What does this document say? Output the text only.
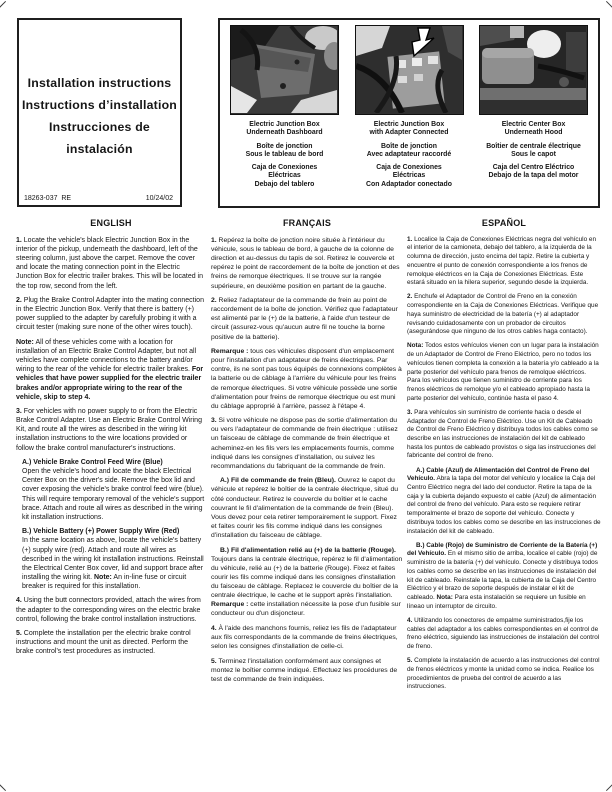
Installation instructions
Instructions d’installation
Instrucciones de instalación
18263-037  RE	10/24/02
Electric Junction Box
Underneath Dashboard
Boîte de jonction
Sous le tableau de bord
Caja de Conexiones
Eléctricas
Debajo del tablero
Electric Junction Box
with Adapter Connected
Boîte de jonction
Avec adaptateur raccordé
Caja de Conexiones
Eléctricas
Con Adaptador conectado
Electric Center Box
Underneath Hood
Boîtier de centrale électrique
Sous le capot
Caja del Centro Eléctrico
Debajo de la tapa del motor
ENGLISH

1. Locate the vehicle's black Electric Junction Box in the interior of the pickup, underneath the dashboard, left of the steering column, just above the carpet. Remove the cover and locate the mating connection point in the Electric Junction Box for electric trailer brakes. This will be located in the top row, second from the left.

2. Plug the Brake Control Adapter into the mating connection in the Electric Junction Box. Verify that there is battery (+) power supplied to the adapter by carefully probing it with a circuit tester (making sure none of the other wires touch).

Note: All of these vehicles come with a location for installation of an Electric Brake Control Adapter, but not all vehicles have complete connections to the battery and/or wiring to the rear of the vehicle for electric trailer brakes. For vehicles that have power supplied for the electric trailer brakes and/or appropriate wiring to the rear of the vehicle, skip to step 4.

3. For vehicles with no power supply to or from the Electric Brake Control Adapter. Use an Electric Brake Control Wiring Kit, and route all the wires as described in the wiring kit installation instructions to the wire locations provided or follow the brake control manufacturer's instructions.

A.) Vehicle Brake Control Feed Wire (Blue)
Open the vehicle's hood and locate the black Electrical Center Box on the driver's side. Remove the box lid and cover exposing the vehicle's brake control feed wire (blue). This will require temporary removal of the vehicle's support brace. Attach and route all wires as described in the wiring kit installation instructions.

B.) Vehicle Battery (+) Power Supply Wire (Red)
In the same location as above, locate the vehicle's battery (+) supply wire (red). Attach and route all wires as described in the wiring kit installation instructions. Reinstall the Electrical Center Box cover, lid and support brace after installing the wiring kit. Note: An in-line fuse or circuit breaker is required for this installation.

4. Using the butt connectors provided, attach the wires from the adapter to the corresponding wires on the electric brake control, following the brake control installation instructions.

5. Complete the installation per the electric brake control instructions and mount the unit as directed. Perform the brake control's test procedures as instructed.

FRANÇAIS

1. Repérez la boîte de jonction noire située à l'intérieur du véhicule, sous le tableau de bord, à gauche de la colonne de direction et au-dessus du tapis de sol. Retirez le couvercle et repérez le point de raccordement de la boîte de jonction et des freins de remorque électriques. Il se trouve sur la rangée supérieure, en deuxième position en partant de la gauche.

2. Reliez l'adaptateur de la commande de frein au point de raccordement de la boîte de jonction. Vérifiez que l'adaptateur est alimenté par le (+) de la batterie, à l'aide d'un testeur de circuit (assurez-vous qu'aucun autre fil ne touche la borne positive de la batterie).

Remarque : tous ces véhicules disposent d'un emplacement pour l'installation d'un adaptateur de freins électriques. Par contre, ils ne sont pas tous équipés de connexions complètes à la batterie ou de câblage à l'arrière du véhicule pour les freins de remorque électriques. Si votre véhicule possède une sortie d'alimentation pour freins de remorque électrique ou est muni du câblage approprié à l'arrière, passez à l'étape 4.

3. Si votre véhicule ne dispose pas de sortie d'alimentation du ou vers l'adaptateur de commande de frein électrique : utilisez un faisceau de câblage de commande de frein électrique et acheminez-en les fils vers les emplacements fournis, comme indiqué dans les consignes d'installation, ou suivez les recommandations du fabriquant de la commande de frein.

A.) Fil de commande de frein (Bleu). Ouvrez le capot du véhicule et repérez le boîtier de la centrale électrique, situé du côté conducteur. Retirez le couvercle du boîtier et le cache couvrant le fil d'alimentation de la commande de frein (Bleu). Vous devez pour cela retirer temporairement le support. Fixez et faites courir les fils comme indiqué dans les consignes d'installation du faisceau de câblage.

B.) Fil d'alimentation relié au (+) de la batterie (Rouge). Toujours dans la centrale électrique, repérez le fil d'alimentation du véhicule, relié au (+) de la batterie (Rouge). Fixez et faites courir les fils comme indiqué dans les consignes d'installation du faisceau de câblage. Replacez le couvercle du boîtier de la centrale électrique, le cache et le support après l'installation. Remarque : cette installation nécessite la pose d'un fusible sur conducteur ou d'un disjoncteur.

4. À l'aide des manchons fournis, reliez les fils de l'adaptateur aux fils correspondants de la commande de freins électriques, selon les consignes d'installation de celle-ci.

5. Terminez l'installation conformément aux consignes et montez le boîtier comme indiqué. Effectuez les procédures de test de commande de frein indiquées.

ESPAÑOL

1. Localice la Caja de Conexiones Eléctricas negra del vehículo en el interior de la camioneta, debajo del tablero, a la izquierda de la columna de dirección, justo encima del tapiz. Retire la cubierta y encuentre el punto de conexión correspondiente a los frenos de remolque eléctricos en la Caja de Conexiones Eléctricas. Este estará situado en la hilera superior, segundo desde la izquierda.

2. Enchufe el Adaptador de Control de Freno en la conexión correspondiente en la Caja de Conexiones Eléctricas. Verifique que haya suministro de electricidad de la batería (+) al adaptador revisando cuidadosamente con un probador de circuitos (asegurándose que ninguno de los otros cables haga contacto).

Nota: Todos estos vehículos vienen con un lugar para la instalación de un Adaptador de Control de Freno Eléctrico, pero no todos los vehículos tienen completa la conexión a la batería y/o cableado a la parte posterior del vehículo para frenos de remolque eléctricos. Para los vehículos que tienen suministro de corriente para los frenos eléctricos de remolque y/o el cableado apropiado hasta la parte posterior del vehículo, continúe hasta el paso 4.

3. Para vehículos sin suministro de corriente hacia o desde el Adaptador de Control de Freno Eléctrico. Use un Kit de Cableado de Control de Freno Eléctrico y distribuya todos los cables como se describe en las instrucciones de instalación del kit de cableado hasta los puntos de cableado provistos o siga las instrucciones del fabricante del control de freno.

A.) Cable (Azul) de Alimentación del Control de Freno del Vehículo. Abra la tapa del motor del vehículo y localice la Caja del Centro Eléctrico negra del lado del conductor. Retire la tapa de la caja y la cubierta dejando expuesto el cable (Azul) de alimentación del control de freno del vehículo. Para esto se requiere retirar temporalmente el brazo de soporte del vehículo. Conecte y distribuya todos los cables como se describe en las instrucciones de instalación del kit de cableado.

B.) Cable (Rojo) de Suministro de Corriente de la Batería (+) del Vehículo. En el mismo sitio de arriba, localice el cable (rojo) de suministro de la batería (+) del vehículo. Conecte y distribuya todos los cables como se describe en las instrucciones de instalación del kit de cableado. Reinstale la tapa, la cubierta de la Caja del Centro Eléctrico y el brazo de soporte después de instalar el kit de cableado. Nota: Para esta instalación se requiere un fusible en líneao un interruptor de circuito.

4. Utilizando los conectores de empalme suministrados,fije los cables del adaptador a los cables correspondientes en el control de freno eléctrico, siguiendo las instrucciones de instalación del control de freno.

5. Complete la instalación de acuerdo a las instrucciones del control de frenos eléctricos y monte la unidad como se indica. Realice los procedimientos de prueba del control de acuerdo a las instrucciones.
